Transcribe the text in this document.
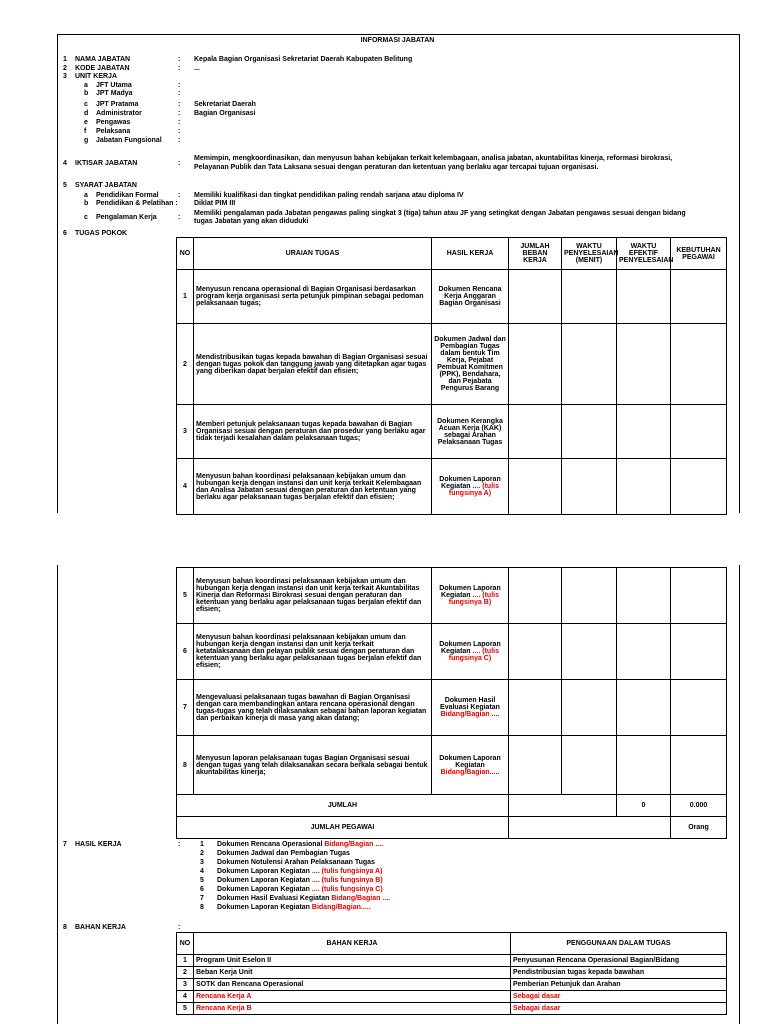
INFORMASI JABATAN
1 NAMA JABATAN	: Kepala Bagian Organisasi Sekretariat Daerah Kabupaten Belitung
2 KODE JABATAN	: ...
3 UNIT KERJA
a JFT Utama	:
b JPT Madya	:
c JPT Pratama	: Sekretariat Daerah
d Administrator	: Bagian Organisasi
e Pengawas	:
f Pelaksana	:
g Jabatan Fungsional :
4 IKTISAR JABATAN	:
Memimpin, mengkoordinasikan, dan menyusun bahan kebijakan terkait kelembagaan, analisa jabatan, akuntabilitas kinerja, reformasi birokrasi,
Pelayanan Publik dan Tata Laksana sesuai dengan peraturan dan ketentuan yang berlaku agar tercapai tujuan organisasi.
5 SYARAT JABATAN
a Pendidikan Formal	: Memiliki kualifikasi dan tingkat pendidikan paling rendah sarjana atau diploma IV
b Pendidikan & Pelatihan : Diklat PIM III
c Pengalaman Kerja	:
Memiliki pengalaman pada Jabatan pengawas paling singkat 3 (tiga) tahun atau JF yang setingkat dengan Jabatan pengawas sesuai dengan bidang
tugas Jabatan yang akan diduduki
6 TUGAS POKOK
NO	URAIAN TUGAS	HASIL KERJA	JUMLAH BEBAN KERJA	WAKTU PENYELESAIAN (MENIT)	WAKTU EFEKTIF PENYELESAIAN	KEBUTUHAN PEGAWAI
1	Menyusun rencana operasional di Bagian Organisasi berdasarkan program kerja organisasi serta petunjuk pimpinan sebagai pedoman pelaksanaan tugas;	Dokumen Rencana Kerja Anggaran Bagian Organisasi				
2	Mendistribusikan tugas kepada bawahan di Bagian Organisasi sesuai dengan tugas pokok dan tanggung jawab yang ditetapkan agar tugas yang diberikan dapat berjalan efektif dan efisien;	Dokumen Jadwal dan Pembagian Tugas dalam bentuk Tim Kerja, Pejabat Pembuat Komitmen (PPK), Bendahara, dan Pejabata Pengurus Barang				
3	Memberi petunjuk pelaksanaan tugas kepada bawahan di Bagian Organisasi sesuai dengan peraturan dan prosedur yang berlaku agar tidak terjadi kesalahan dalam pelaksanaan tugas;	Dokumen Kerangka Acuan Kerja (KAK) sebagai Arahan Pelaksanaan Tugas				
4	Menyusun bahan koordinasi pelaksanaan kebijakan umum dan hubungan kerja dengan instansi dan unit kerja terkait Kelembagaan dan Analisa Jabatan sesuai dengan peraturan dan ketentuan yang berlaku agar pelaksanaan tugas berjalan efektif dan efisien;	Dokumen Laporan Kegiatan .... (tulis fungsinya A)				
5	Menyusun bahan koordinasi pelaksanaan kebijakan umum dan hubungan kerja dengan instansi dan unit kerja terkait Akuntabilitas Kinerja dan Reformasi Birokrasi sesuai dengan peraturan dan ketentuan yang berlaku agar pelaksanaan tugas berjalan efektif dan efisien;	Dokumen Laporan Kegiatan .... (tulis fungsinya B)				
6	Menyusun bahan koordinasi pelaksanaan kebijakan umum dan hubungan kerja dengan instansi dan unit kerja terkait ketatalaksanaan dan pelayan publik sesuai dengan peraturan dan ketentuan yang berlaku agar pelaksanaan tugas berjalan efektif dan efisien;	Dokumen Laporan Kegiatan .... (tulis fungsinya C)				
7	Mengevaluasi pelaksanaan tugas bawahan di Bagian Organisasi dengan cara membandingkan antara rencana operasional dengan tugas-tugas yang telah dilaksanakan sebagai bahan laporan kegiatan dan perbaikan kinerja di masa yang akan datang;	Dokumen Hasil Evaluasi Kegiatan Bidang/Bagian ....				
8	Menyusun laporan pelaksanaan tugas Bagian Organisasi sesuai dengan tugas yang telah dilaksanakan secara berkala sebagai bentuk akuntabilitas kinerja;	Dokumen Laporan Kegiatan Bidang/Bagian.....				
JUMLAH					0	0.000
JUMLAH PEGAWAI						Orang
7 HASIL KERJA	:	1 Dokumen Rencana Operasional Bidang/Bagian ....
2 Dokumen Jadwal dan Pembagian Tugas
3 Dokumen Notulensi Arahan Pelaksanaan Tugas
4 Dokumen Laporan Kegiatan .... (tulis fungsinya A)
5 Dokumen Laporan Kegiatan .... (tulis fungsinya B)
6 Dokumen Laporan Kegiatan .... (tulis fungsinya C)
7 Dokumen Hasil Evaluasi Kegiatan Bidang/Bagian ....
8 Dokumen Laporan Kegiatan Bidang/Bagian.....
8 BAHAN KERJA	:
NO	BAHAN KERJA	PENGGUNAAN DALAM TUGAS
1	Program Unit Eselon II	Penyusunan Rencana Operasional Bagian/Bidang
2	Beban Kerja Unit	Pendistribusian tugas kepada bawahan
3	SOTK dan Rencana Operasional	Pemberian Petunjuk dan Arahan
4	Rencana Kerja A	Sebagai dasar
5	Rencana Kerja B	Sebagai dasar
